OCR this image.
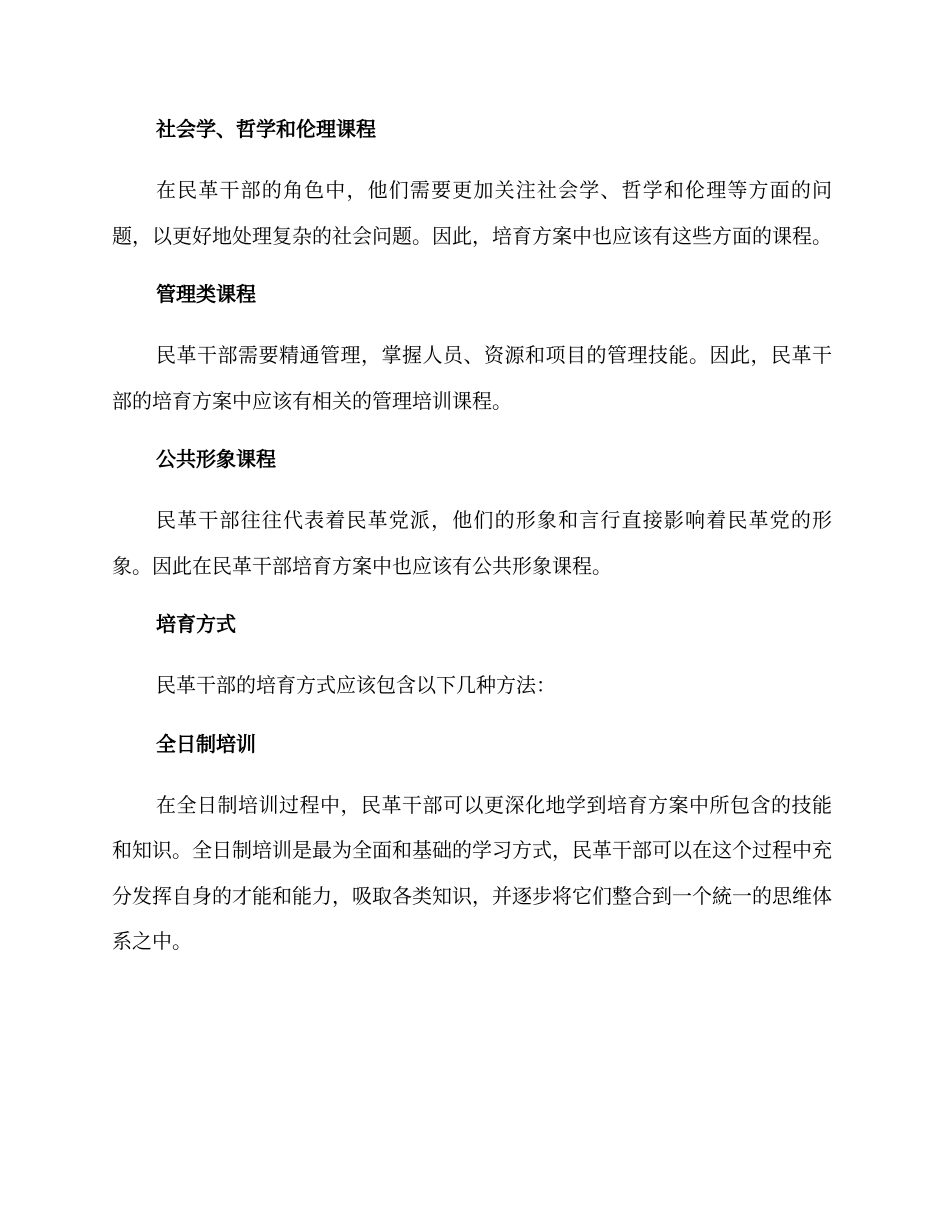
社会学、哲学和伦理课程

在民革干部的角色中，他们需要更加关注社会学、哲学和伦理等方面的问题，以更好地处理复杂的社会问题。因此，培育方案中也应该有这些方面的课程。

管理类课程

民革干部需要精通管理，掌握人员、资源和项目的管理技能。因此，民革干部的培育方案中应该有相关的管理培训课程。

公共形象课程

民革干部往往代表着民革党派，他们的形象和言行直接影响着民革党的形象。因此在民革干部培育方案中也应该有公共形象课程。

培育方式

民革干部的培育方式应该包含以下几种方法：

全日制培训

在全日制培训过程中，民革干部可以更深化地学到培育方案中所包含的技能和知识。全日制培训是最为全面和基础的学习方式，民革干部可以在这个过程中充分发挥自身的才能和能力，吸取各类知识，并逐步将它们整合到一个統一的思维体系之中。
